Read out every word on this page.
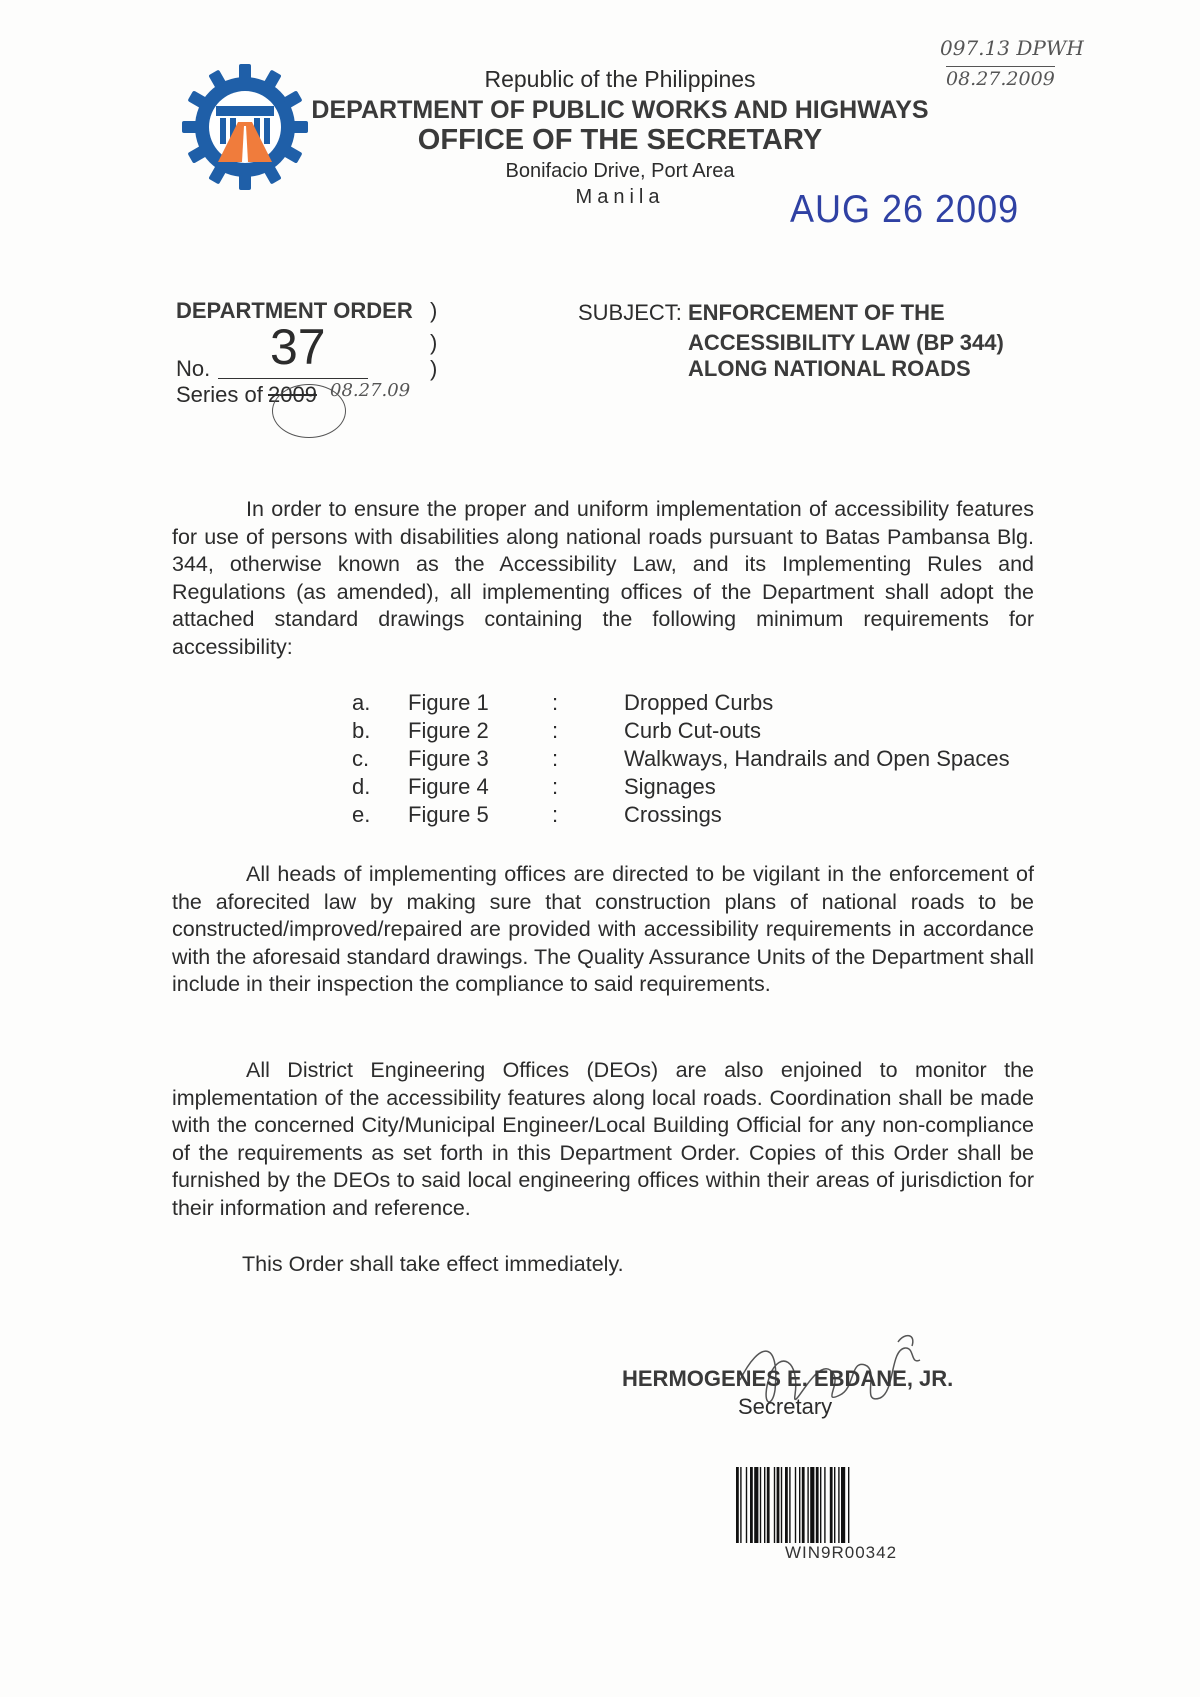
Republic of the Philippines
DEPARTMENT OF PUBLIC WORKS AND HIGHWAYS
OFFICE OF THE SECRETARY
Bonifacio Drive, Port Area
Manila
097.13 DPWH
08.27.2009
AUG 26 2009
DEPARTMENT ORDER )
)
)
No. 37
Series of 2009 08.27.09
SUBJECT: ENFORCEMENT OF THE
ACCESSIBILITY LAW (BP 344)
ALONG NATIONAL ROADS
In order to ensure the proper and uniform implementation of accessibility features for use of persons with disabilities along national roads pursuant to Batas Pambansa Blg. 344, otherwise known as the Accessibility Law, and its Implementing Rules and Regulations (as amended), all implementing offices of the Department shall adopt the attached standard drawings containing the following minimum requirements for accessibility:
a. Figure 1	:	Dropped Curbs
b. Figure 2	:	Curb Cut-outs
c. Figure 3	:	Walkways, Handrails and Open Spaces
d. Figure 4	:	Signages
e. Figure 5	:	Crossings
All heads of implementing offices are directed to be vigilant in the enforcement of the aforecited law by making sure that construction plans of national roads to be constructed/improved/repaired are provided with accessibility requirements in accordance with the aforesaid standard drawings. The Quality Assurance Units of the Department shall include in their inspection the compliance to said requirements.
All District Engineering Offices (DEOs) are also enjoined to monitor the implementation of the accessibility features along local roads. Coordination shall be made with the concerned City/Municipal Engineer/Local Building Official for any non-compliance of the requirements as set forth in this Department Order. Copies of this Order shall be furnished by the DEOs to said local engineering offices within their areas of jurisdiction for their information and reference.
This Order shall take effect immediately.
HERMOGENES E. EBDANE, JR.
Secretary
WIN9R00342
